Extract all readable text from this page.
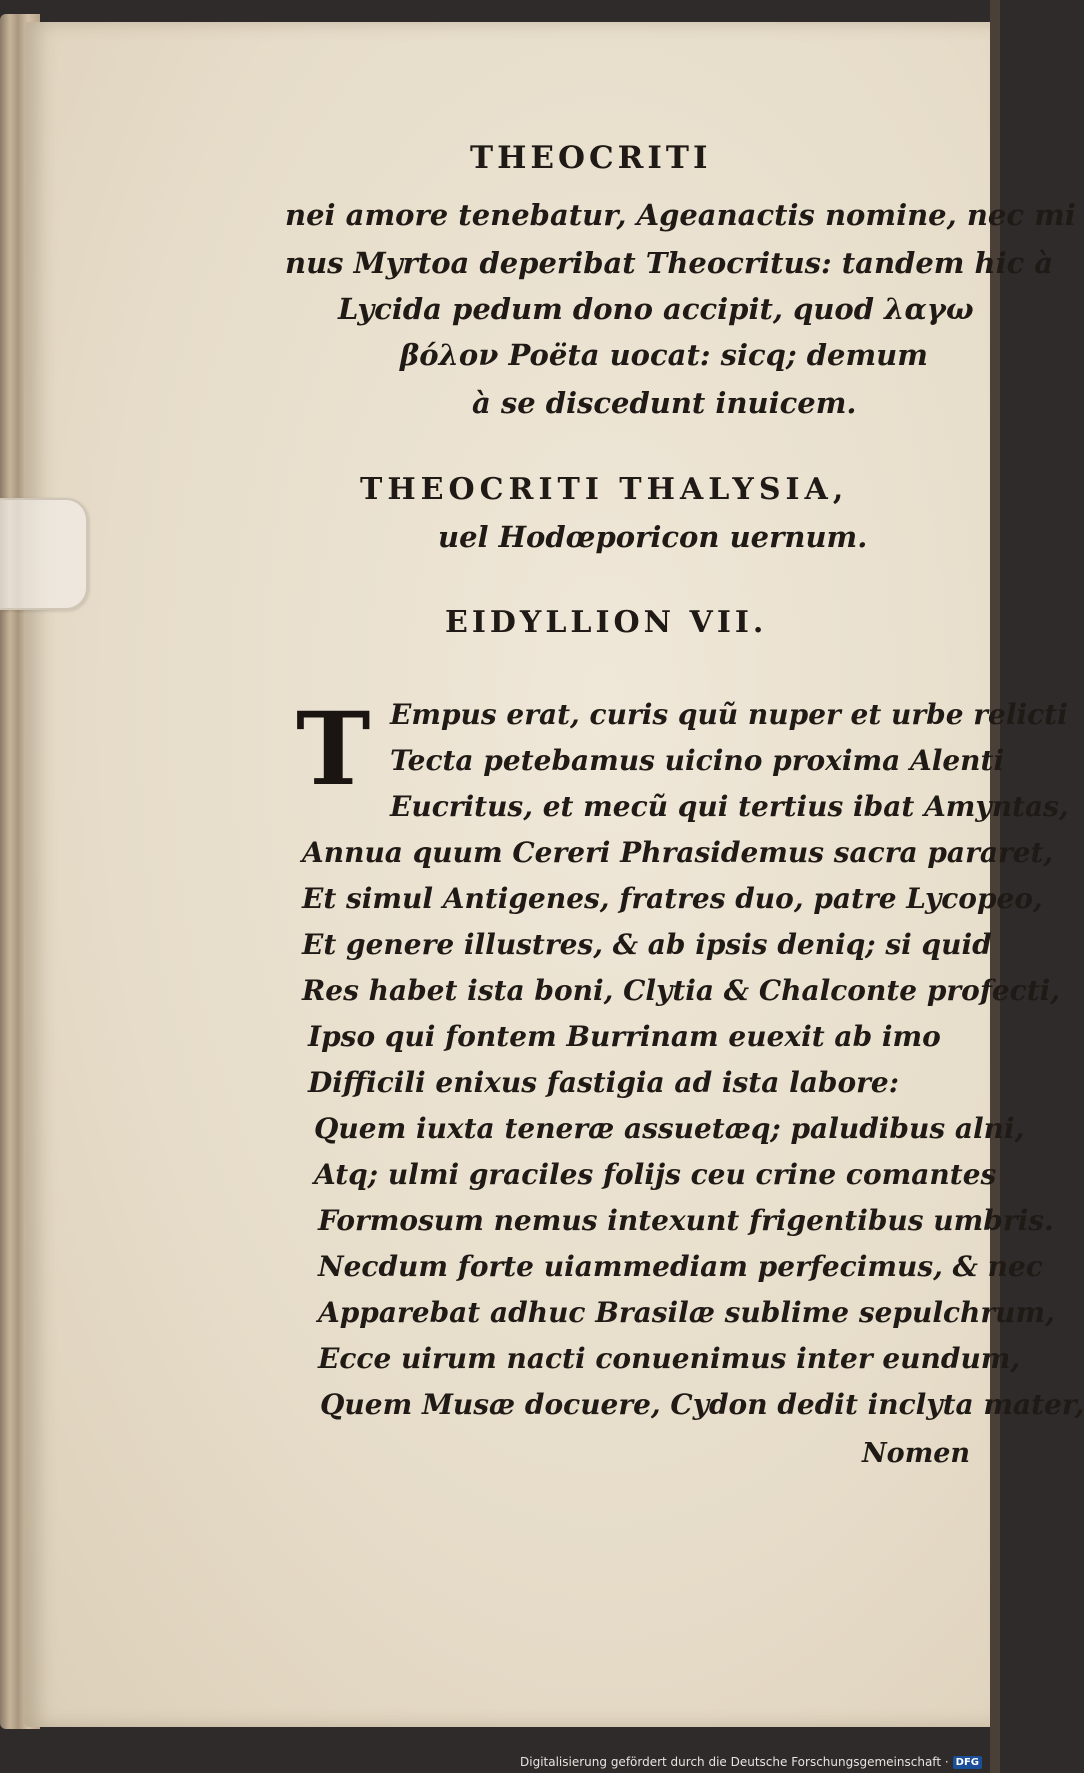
THEOCRITI
nei amore tenebatur, Ageanactis nomine, nec mi
nus Myrtoa deperibat Theocritus: tandem hic à
Lycida pedum dono accipit, quod λαγω
βόλον Poëta uocat: sicq; demum
à se discedunt inuicem.
THEOCRITI THALYSIA,
uel Hodœporicon uernum.
EIDYLLION VII.
T Empus erat, curis quũ nuper et urbe relicti
Tecta petebamus uicino proxima Alenti
Eucritus, et mecũ qui tertius ibat Amyntas,
Annua quum Cereri Phrasidemus sacra pararet,
Et simul Antigenes, fratres duo, patre Lycopeo,
Et genere illustres, & ab ipsis deniq; si quid
Res habet ista boni, Clytia & Chalconte profecti,
Ipso qui fontem Burrinam euexit ab imo
Difficili enixus fastigia ad ista labore:
Quem iuxta teneræ assuetæq; paludibus alni,
Atq; ulmi graciles folijs ceu crine comantes
Formosum nemus intexunt frigentibus umbris.
Necdum forte uiammediam perfecimus, & nec
Apparebat adhuc Brasilæ sublime sepulchrum,
Ecce uirum nacti conuenimus inter eundum,
Quem Musæ docuere, Cydon dedit inclyta mater,
Nomen
Digitalisierung gefördert durch die Deutsche Forschungsgemeinschaft · DFG
